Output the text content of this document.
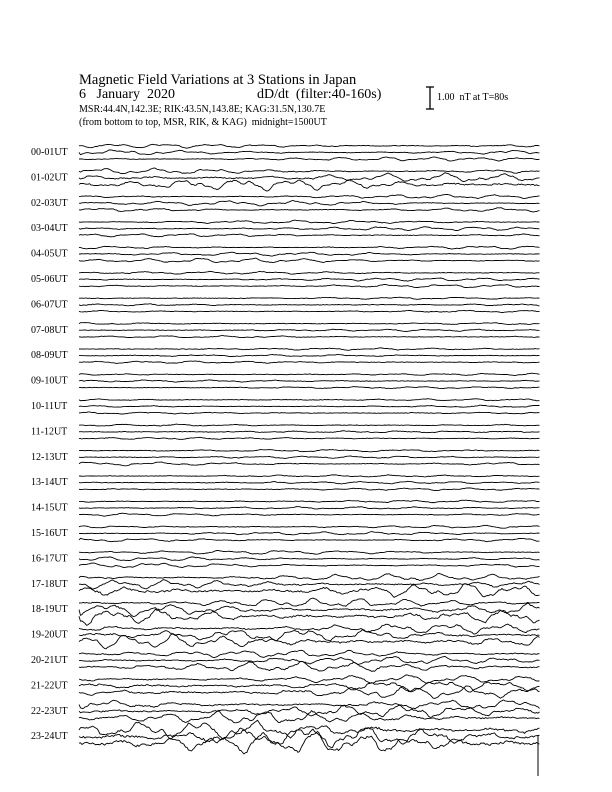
Magnetic Field Variations at 3 Stations in Japan
6   January  2020	dD/dt  (filter:40-160s)
MSR:44.4N,142.3E; RIK:43.5N,143.8E; KAG:31.5N,130.7E
(from bottom to top, MSR, RIK, & KAG)  midnight=1500UT
1.00  nT at T=80s
00-01UT
01-02UT
02-03UT
03-04UT
04-05UT
05-06UT
06-07UT
07-08UT
08-09UT
09-10UT
10-11UT
11-12UT
12-13UT
13-14UT
14-15UT
15-16UT
16-17UT
17-18UT
18-19UT
19-20UT
20-21UT
21-22UT
22-23UT
23-24UT
